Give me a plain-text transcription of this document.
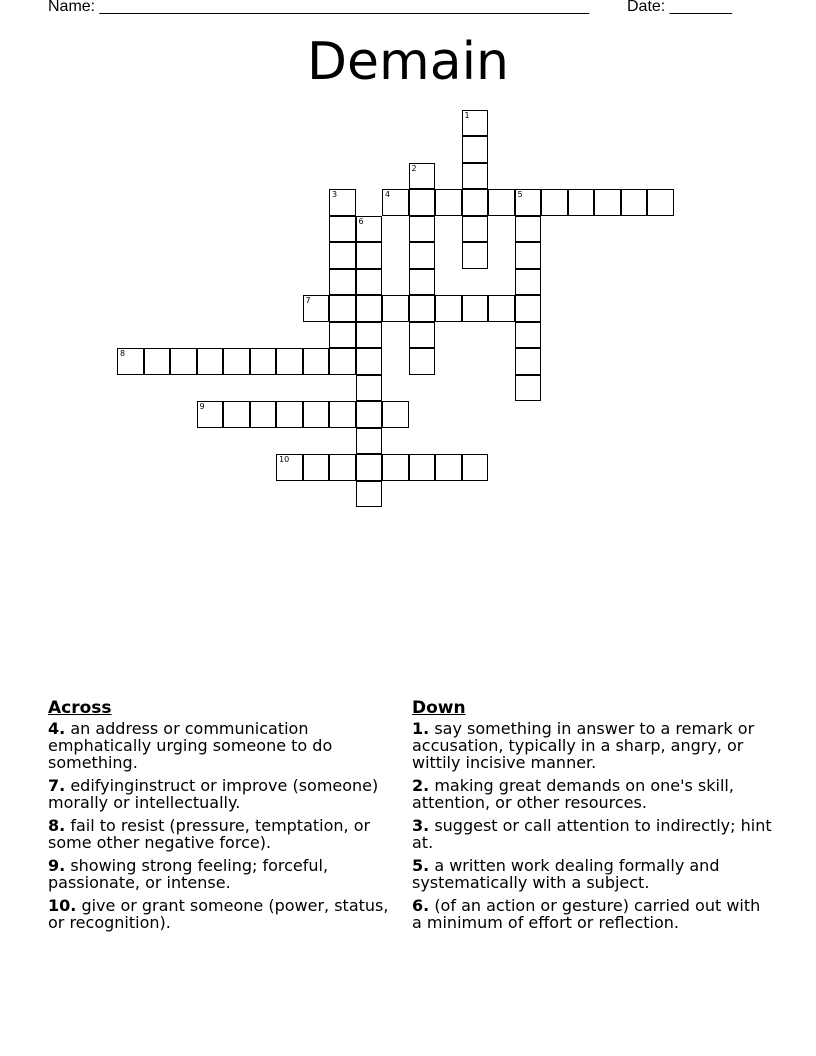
Name: _______________________________________________________ Date: _______
Demain
1
2
3	4	5
6
7
8
9
10
Across
4. an address or communication emphatically urging someone to do something.
7. edifyinginstruct or improve (someone) morally or intellectually.
8. fail to resist (pressure, temptation, or some other negative force).
9. showing strong feeling; forceful, passionate, or intense.
10. give or grant someone (power, status, or recognition).
Down
1. say something in answer to a remark or accusation, typically in a sharp, angry, or wittily incisive manner.
2. making great demands on one's skill, attention, or other resources.
3. suggest or call attention to indirectly; hint at.
5. a written work dealing formally and systematically with a subject.
6. (of an action or gesture) carried out with a minimum of effort or reflection.
